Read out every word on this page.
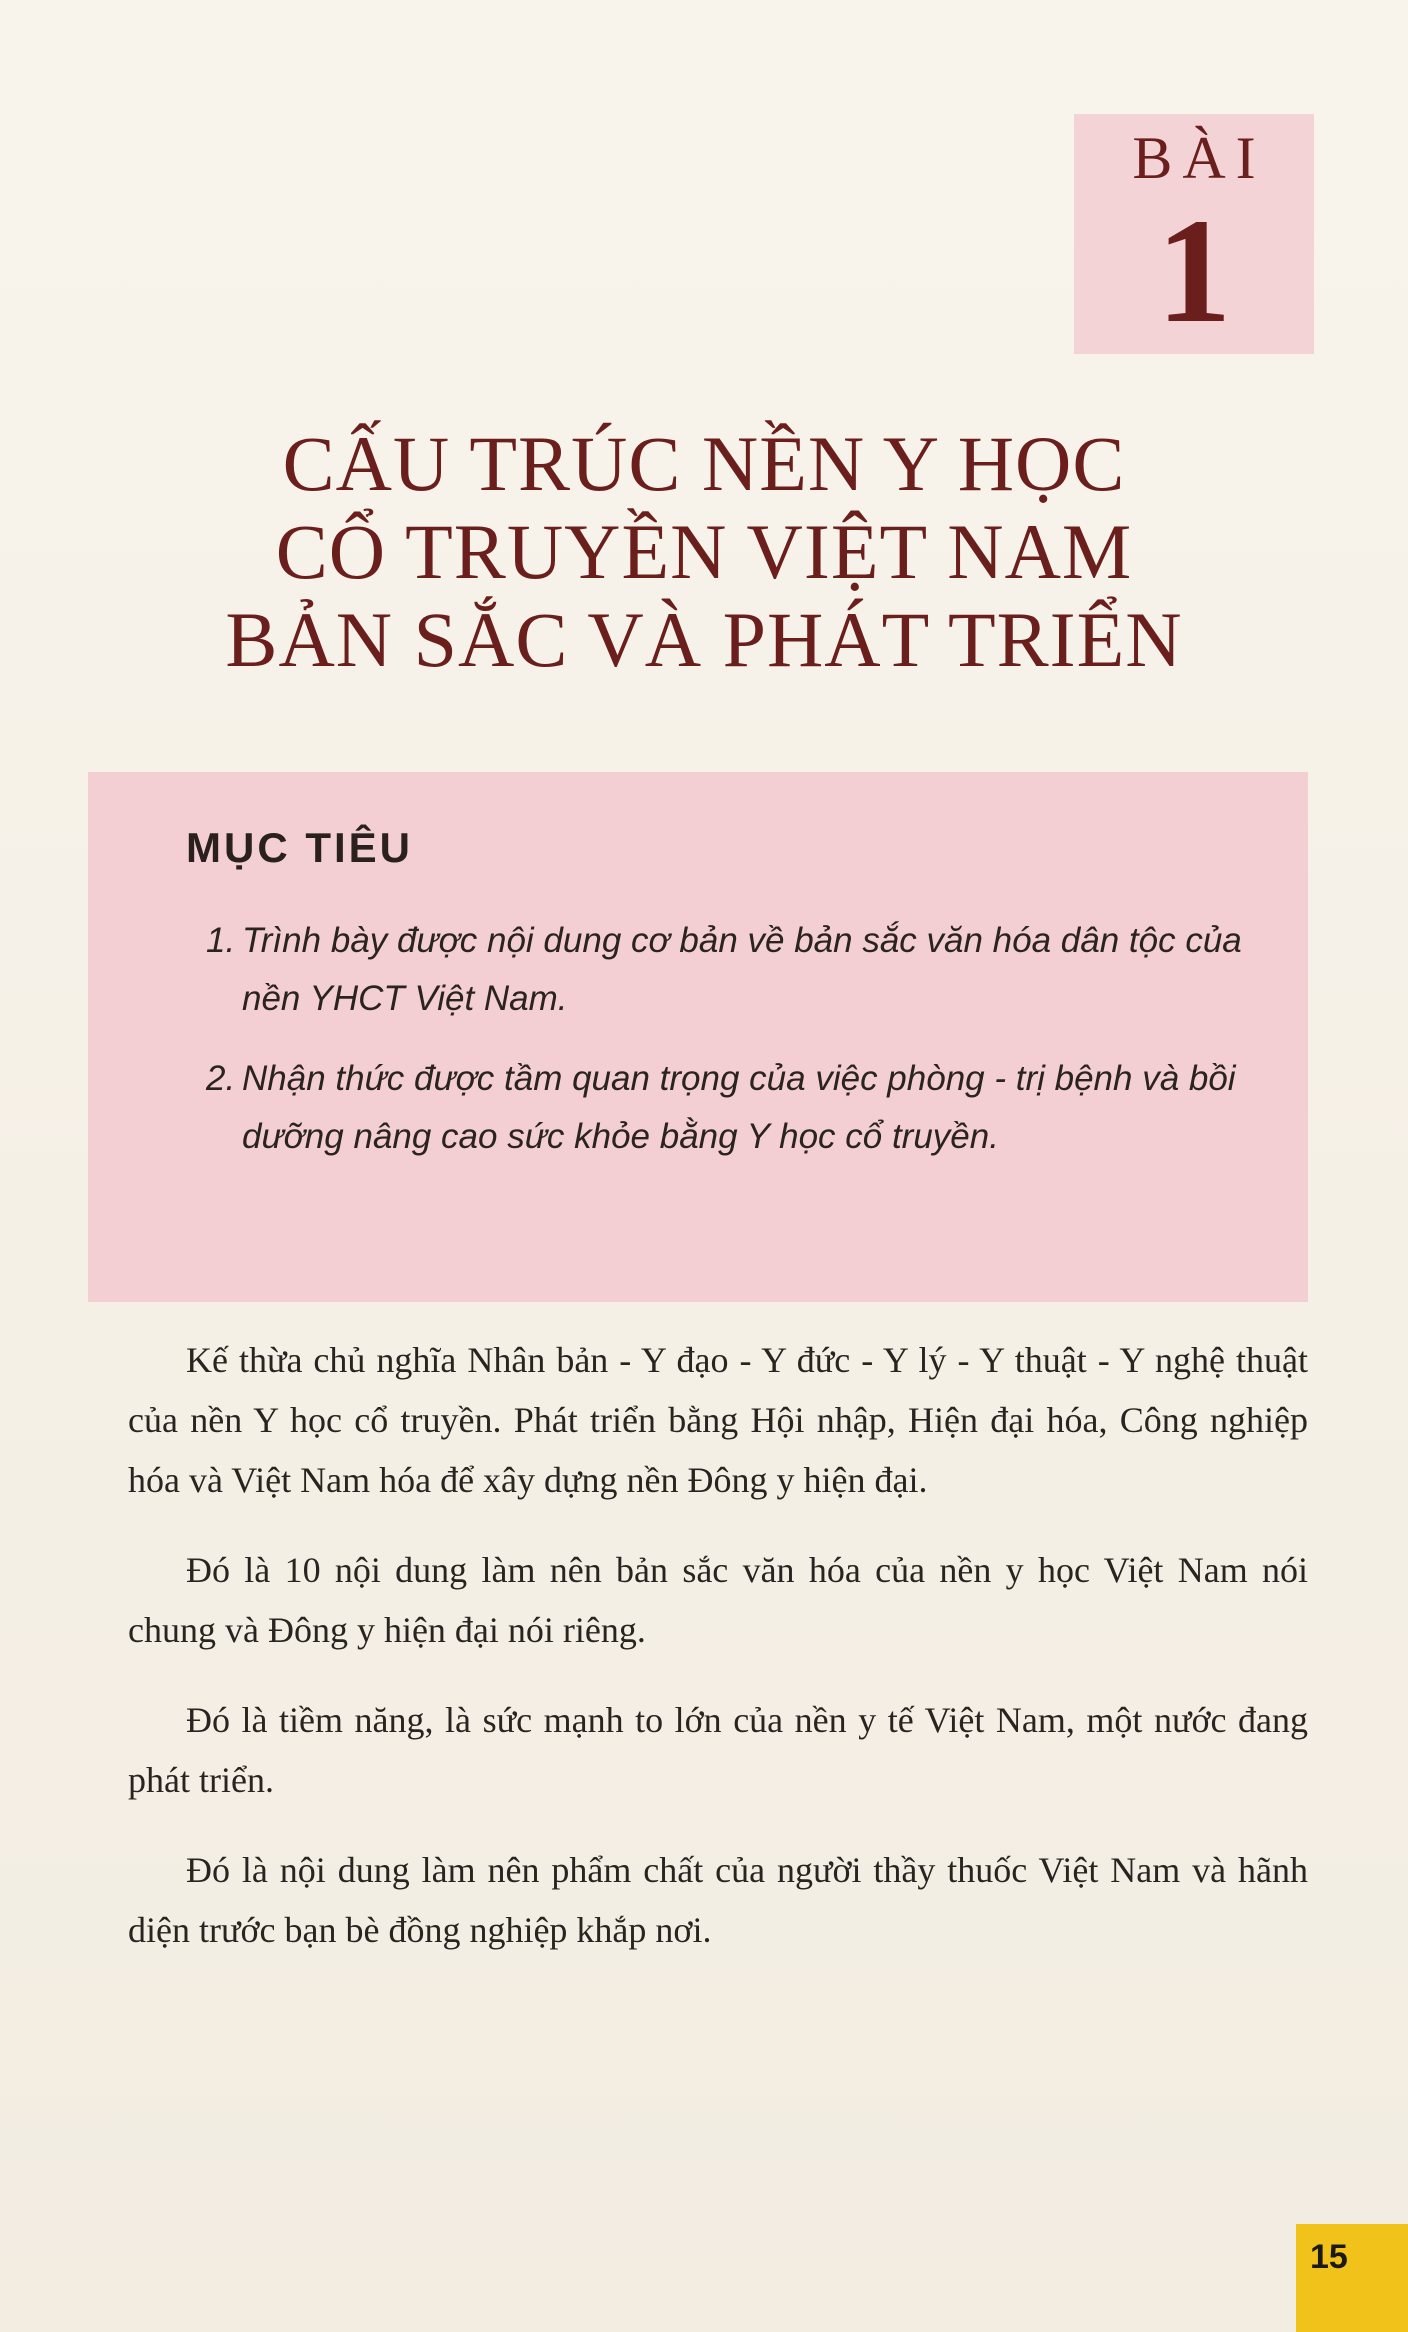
BÀI
1
CẤU TRÚC NỀN Y HỌC
CỔ TRUYỀN VIỆT NAM
BẢN SẮC VÀ PHÁT TRIỂN
MỤC TIÊU
1. Trình bày được nội dung cơ bản về bản sắc văn hóa dân tộc của nền YHCT Việt Nam.
2. Nhận thức được tầm quan trọng của việc phòng - trị bệnh và bồi dưỡng nâng cao sức khỏe bằng Y học cổ truyền.

Kế thừa chủ nghĩa Nhân bản - Y đạo - Y đức - Y lý - Y thuật - Y nghệ thuật của nền Y học cổ truyền. Phát triển bằng Hội nhập, Hiện đại hóa, Công nghiệp hóa và Việt Nam hóa để xây dựng nền Đông y hiện đại.

Đó là 10 nội dung làm nên bản sắc văn hóa của nền y học Việt Nam nói chung và Đông y hiện đại nói riêng.

Đó là tiềm năng, là sức mạnh to lớn của nền y tế Việt Nam, một nước đang phát triển.

Đó là nội dung làm nên phẩm chất của người thầy thuốc Việt Nam và hãnh diện trước bạn bè đồng nghiệp khắp nơi.

15
